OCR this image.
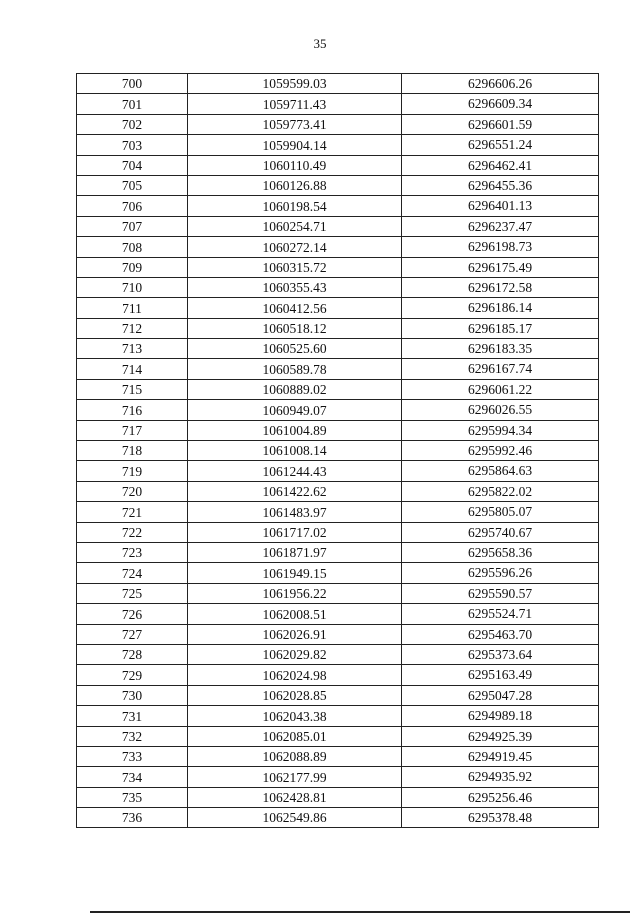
35
700	1059599.03	6296606.26
701	1059711.43	6296609.34
702	1059773.41	6296601.59
703	1059904.14	6296551.24
704	1060110.49	6296462.41
705	1060126.88	6296455.36
706	1060198.54	6296401.13
707	1060254.71	6296237.47
708	1060272.14	6296198.73
709	1060315.72	6296175.49
710	1060355.43	6296172.58
711	1060412.56	6296186.14
712	1060518.12	6296185.17
713	1060525.60	6296183.35
714	1060589.78	6296167.74
715	1060889.02	6296061.22
716	1060949.07	6296026.55
717	1061004.89	6295994.34
718	1061008.14	6295992.46
719	1061244.43	6295864.63
720	1061422.62	6295822.02
721	1061483.97	6295805.07
722	1061717.02	6295740.67
723	1061871.97	6295658.36
724	1061949.15	6295596.26
725	1061956.22	6295590.57
726	1062008.51	6295524.71
727	1062026.91	6295463.70
728	1062029.82	6295373.64
729	1062024.98	6295163.49
730	1062028.85	6295047.28
731	1062043.38	6294989.18
732	1062085.01	6294925.39
733	1062088.89	6294919.45
734	1062177.99	6294935.92
735	1062428.81	6295256.46
736	1062549.86	6295378.48
